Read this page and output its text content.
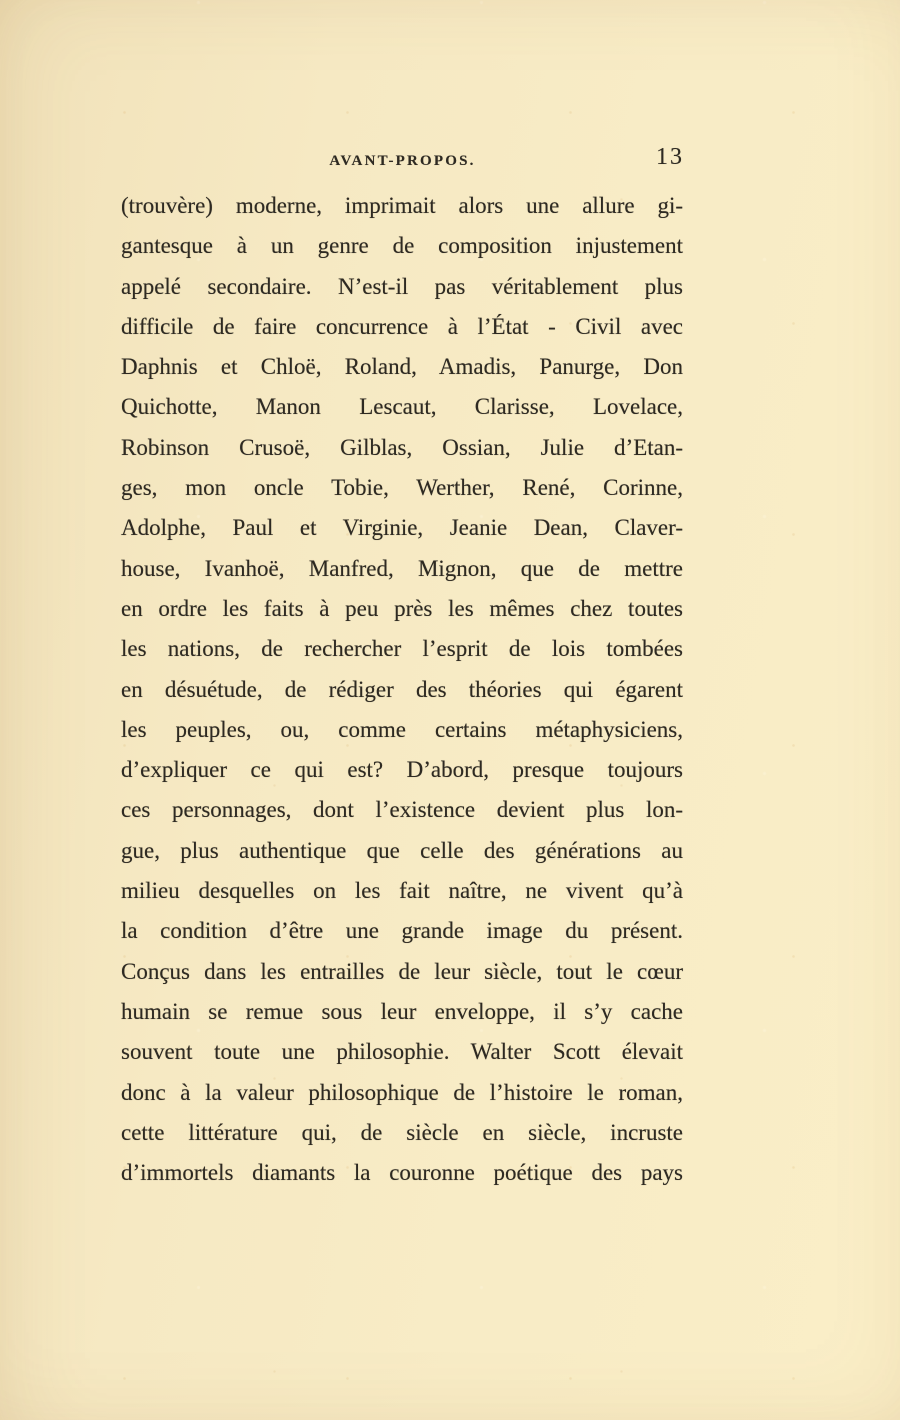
AVANT-PROPOS.	13
(trouvère) moderne, imprimait alors une allure gi-
gantesque à un genre de composition injustement
appelé secondaire. N’est-il pas véritablement plus
difficile de faire concurrence à l’État - Civil avec
Daphnis et Chloë, Roland, Amadis, Panurge, Don
Quichotte, Manon Lescaut, Clarisse, Lovelace,
Robinson Crusoë, Gilblas, Ossian, Julie d’Etan-
ges, mon oncle Tobie, Werther, René, Corinne,
Adolphe, Paul et Virginie, Jeanie Dean, Claver-
house, Ivanhoë, Manfred, Mignon, que de mettre
en ordre les faits à peu près les mêmes chez toutes
les nations, de rechercher l’esprit de lois tombées
en désuétude, de rédiger des théories qui égarent
les peuples, ou, comme certains métaphysiciens,
d’expliquer ce qui est? D’abord, presque toujours
ces personnages, dont l’existence devient plus lon-
gue, plus authentique que celle des générations au
milieu desquelles on les fait naître, ne vivent qu’à
la condition d’être une grande image du présent.
Conçus dans les entrailles de leur siècle, tout le cœur
humain se remue sous leur enveloppe, il s’y cache
souvent toute une philosophie. Walter Scott élevait
donc à la valeur philosophique de l’histoire le roman,
cette littérature qui, de siècle en siècle, incruste
d’immortels diamants la couronne poétique des pays
